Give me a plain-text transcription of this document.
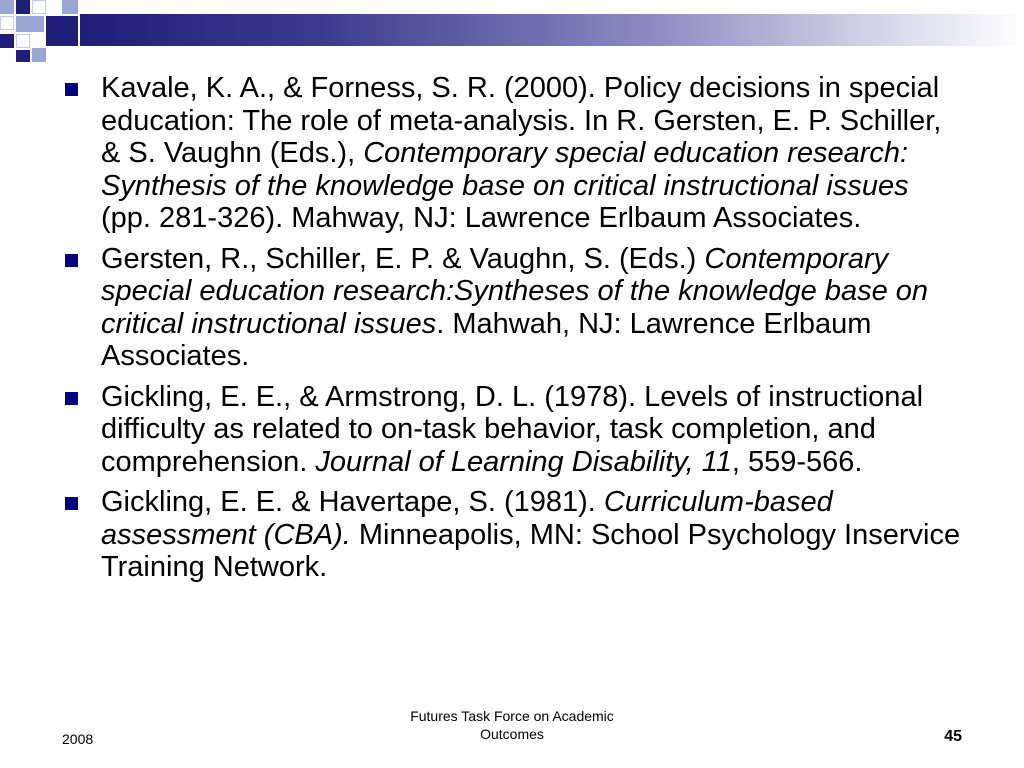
Kavale, K. A., & Forness, S. R. (2000). Policy decisions in special education: The role of meta-analysis. In R. Gersten, E. P. Schiller, & S. Vaughn (Eds.), Contemporary special education research: Synthesis of the knowledge base on critical instructional issues (pp. 281-326). Mahway, NJ: Lawrence Erlbaum Associates.
Gersten, R., Schiller, E. P. & Vaughn, S. (Eds.) Contemporary special education research:Syntheses of the knowledge base on critical instructional issues. Mahwah, NJ: Lawrence Erlbaum Associates.
Gickling, E. E., & Armstrong, D. L. (1978). Levels of instructional difficulty as related to on-task behavior, task completion, and comprehension. Journal of Learning Disability, 11, 559-566.
Gickling, E. E. & Havertape, S. (1981). Curriculum-based assessment (CBA). Minneapolis, MN: School Psychology Inservice Training Network.
2008
Futures Task Force on Academic
Outcomes	45
